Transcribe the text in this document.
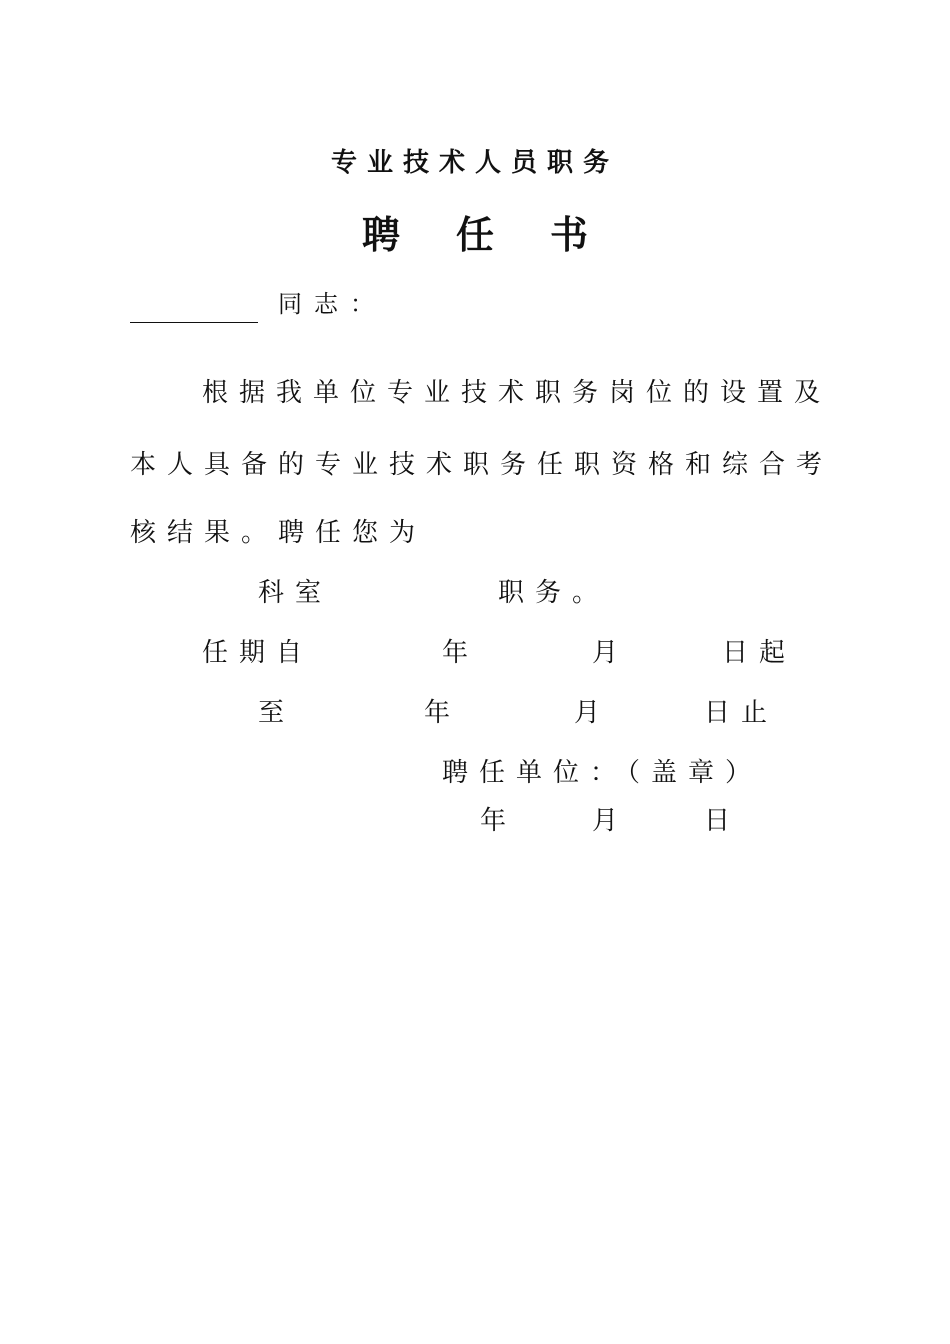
专业技术人员职务
聘任书
同志：
根据我单位专业技术职务岗位的设置及
本人具备的专业技术职务任职资格和综合考
核结果。聘任您为
科室	职务。
任期自	年	月	日起
至	年	月	日止
聘任单位：（盖章）
年	月	日
